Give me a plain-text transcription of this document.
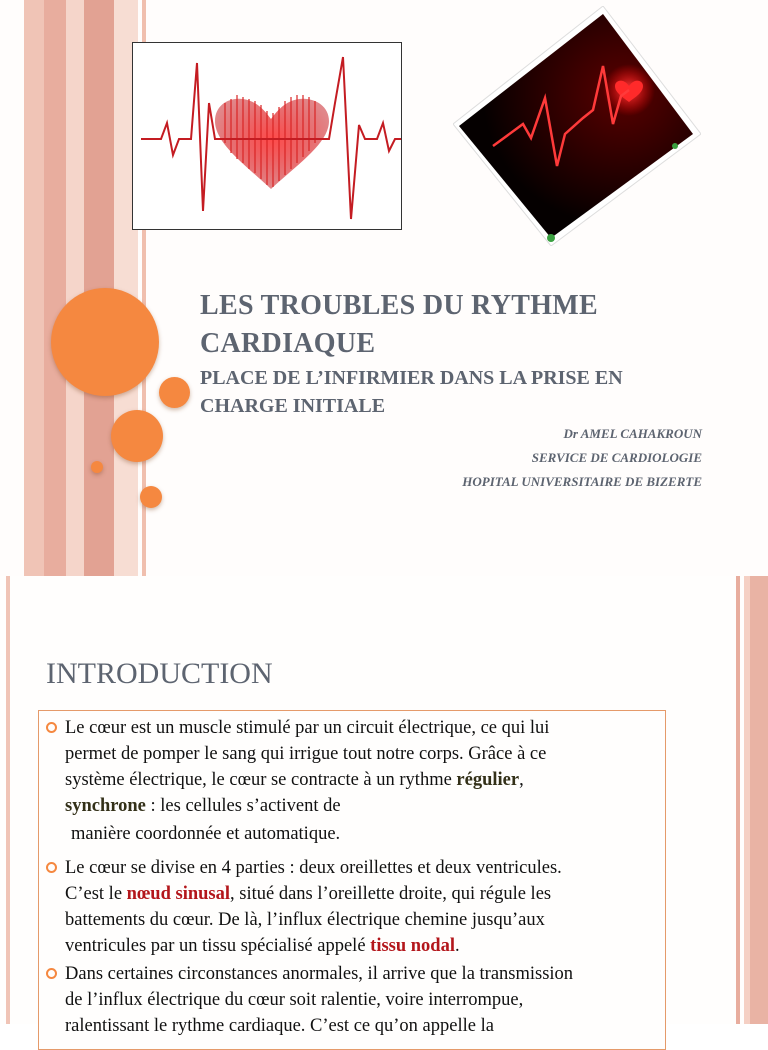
LES TROUBLES DU RYTHME
CARDIAQUE
PLACE DE L’INFIRMIER DANS LA PRISE EN
CHARGE INITIALE
Dr AMEL CAHAKROUN
SERVICE DE CARDIOLOGIE
HOPITAL UNIVERSITAIRE DE BIZERTE
INTRODUCTION
Le cœur est un muscle stimulé par un circuit électrique, ce qui lui
permet de pomper le sang qui irrigue tout notre corps. Grâce à ce
système électrique, le cœur se contracte à un rythme régulier,
synchrone : les cellules s’activent de
manière coordonnée et automatique.
Le cœur se divise en 4 parties : deux oreillettes et deux ventricules.
C’est le nœud sinusal, situé dans l’oreillette droite, qui régule les
battements du cœur. De là, l’influx électrique chemine jusqu’aux
ventricules par un tissu spécialisé appelé tissu nodal.
Dans certaines circonstances anormales, il arrive que la transmission
de l’influx électrique du cœur soit ralentie, voire interrompue,
ralentissant le rythme cardiaque. C’est ce qu’on appelle la
